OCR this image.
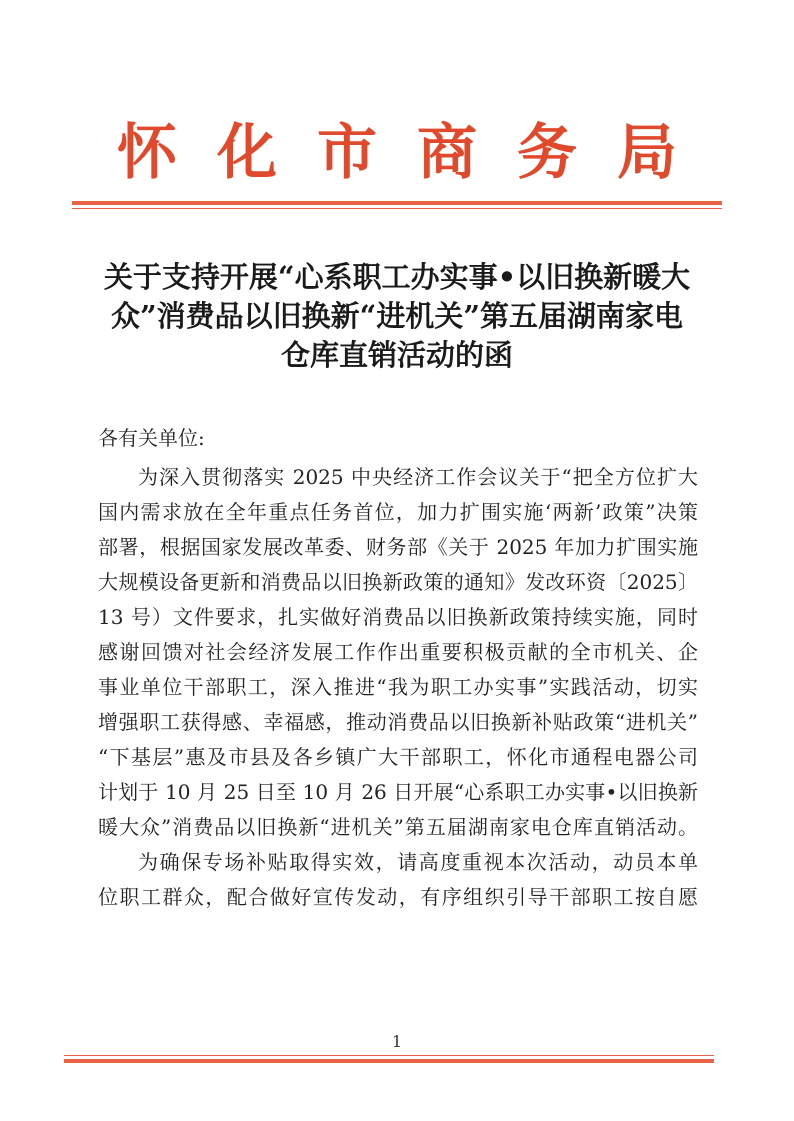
怀化市商务局
关于支持开展“心系职工办实事•以旧换新暖大
众”消费品以旧换新“进机关”第五届湖南家电
仓库直销活动的函
各有关单位:
为深入贯彻落实 2025 中央经济工作会议关于“把全方位扩大
国内需求放在全年重点任务首位，加力扩围实施‘两新’政策”决策
部署，根据国家发展改革委、财务部《关于 2025 年加力扩围实施
大规模设备更新和消费品以旧换新政策的通知》发改环资〔2025〕
13 号）文件要求，扎实做好消费品以旧换新政策持续实施，同时
感谢回馈对社会经济发展工作作出重要积极贡献的全市机关、企
事业单位干部职工，深入推进“我为职工办实事”实践活动，切实
增强职工获得感、幸福感，推动消费品以旧换新补贴政策“进机关”
“下基层”惠及市县及各乡镇广大干部职工，怀化市通程电器公司
计划于 10 月 25 日至 10 月 26 日开展“心系职工办实事•以旧换新
暖大众”消费品以旧换新“进机关”第五届湖南家电仓库直销活动。
为确保专场补贴取得实效，请高度重视本次活动，动员本单
位职工群众，配合做好宣传发动，有序组织引导干部职工按自愿
1
